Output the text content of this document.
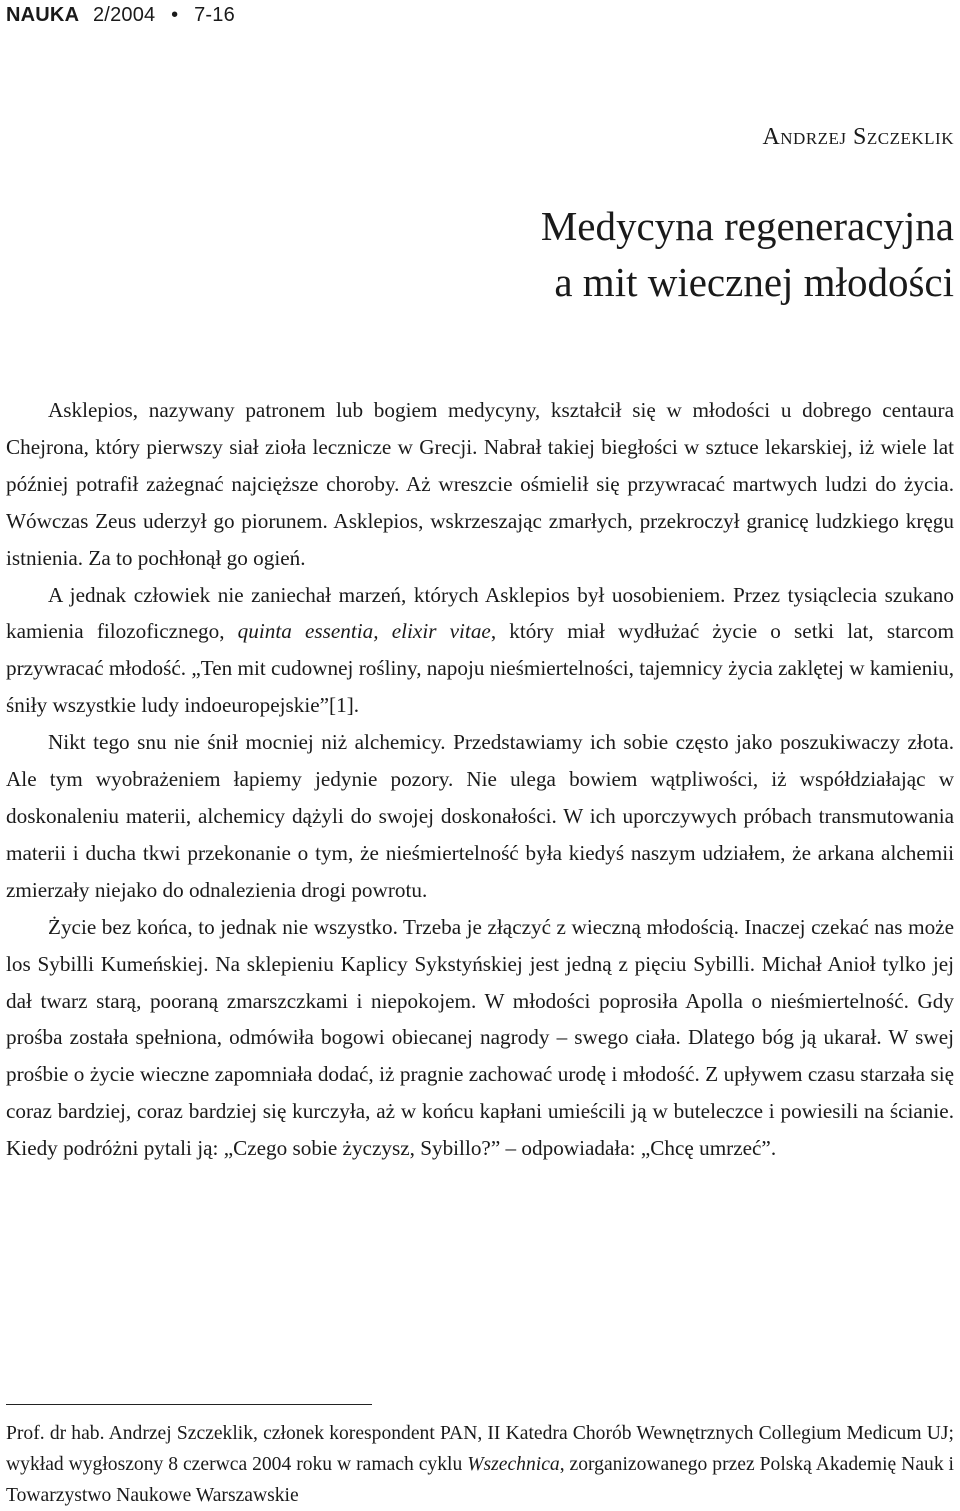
NAUKA 2/2004 • 7-16
Andrzej Szczeklik
Medycyna regeneracyjna
a mit wiecznej młodości

Asklepios, nazywany patronem lub bogiem medycyny, kształcił się w młodości u dobrego centaura Chejrona, który pierwszy siał zioła lecznicze w Grecji. Nabrał takiej biegłości w sztuce lekarskiej, iż wiele lat później potrafił zażegnać najcięższe choroby. Aż wreszcie ośmielił się przywracać martwych ludzi do życia. Wówczas Zeus uderzył go piorunem. Asklepios, wskrzeszając zmarłych, przekroczył granicę ludzkiego kręgu istnienia. Za to pochłonął go ogień.

A jednak człowiek nie zaniechał marzeń, których Asklepios był uosobieniem. Przez tysiąclecia szukano kamienia filozoficznego, quinta essentia, elixir vitae, który miał wydłużać życie o setki lat, starcom przywracać młodość. „Ten mit cudownej rośliny, napoju nieśmiertelności, tajemnicy życia zaklętej w kamieniu, śniły wszystkie ludy indoeuropejskie”[1].

Nikt tego snu nie śnił mocniej niż alchemicy. Przedstawiamy ich sobie często jako poszukiwaczy złota. Ale tym wyobrażeniem łapiemy jedynie pozory. Nie ulega bowiem wątpliwości, iż współdziałając w doskonaleniu materii, alchemicy dążyli do swojej doskonałości. W ich uporczywych próbach transmutowania materii i ducha tkwi przekonanie o tym, że nieśmiertelność była kiedyś naszym udziałem, że arkana alchemii zmierzały niejako do odnalezienia drogi powrotu.

Życie bez końca, to jednak nie wszystko. Trzeba je złączyć z wieczną młodością. Inaczej czekać nas może los Sybilli Kumeńskiej. Na sklepieniu Kaplicy Sykstyńskiej jest jedną z pięciu Sybilli. Michał Anioł tylko jej dał twarz starą, pooraną zmarszczkami i niepokojem. W młodości poprosiła Apolla o nieśmiertelność. Gdy prośba została spełniona, odmówiła bogowi obiecanej nagrody – swego ciała. Dlatego bóg ją ukarał. W swej prośbie o życie wieczne zapomniała dodać, iż pragnie zachować urodę i młodość. Z upływem czasu starzała się coraz bardziej, coraz bardziej się kurczyła, aż w końcu kapłani umieścili ją w buteleczce i powiesili na ścianie. Kiedy podróżni pytali ją: „Czego sobie życzysz, Sybillo?” – odpowiadała: „Chcę umrzeć”.

Prof. dr hab. Andrzej Szczeklik, członek korespondent PAN, II Katedra Chorób Wewnętrznych Collegium Medicum UJ; wykład wygłoszony 8 czerwca 2004 roku w ramach cyklu Wszechnica, zorganizowanego przez Polską Akademię Nauk i Towarzystwo Naukowe Warszawskie
